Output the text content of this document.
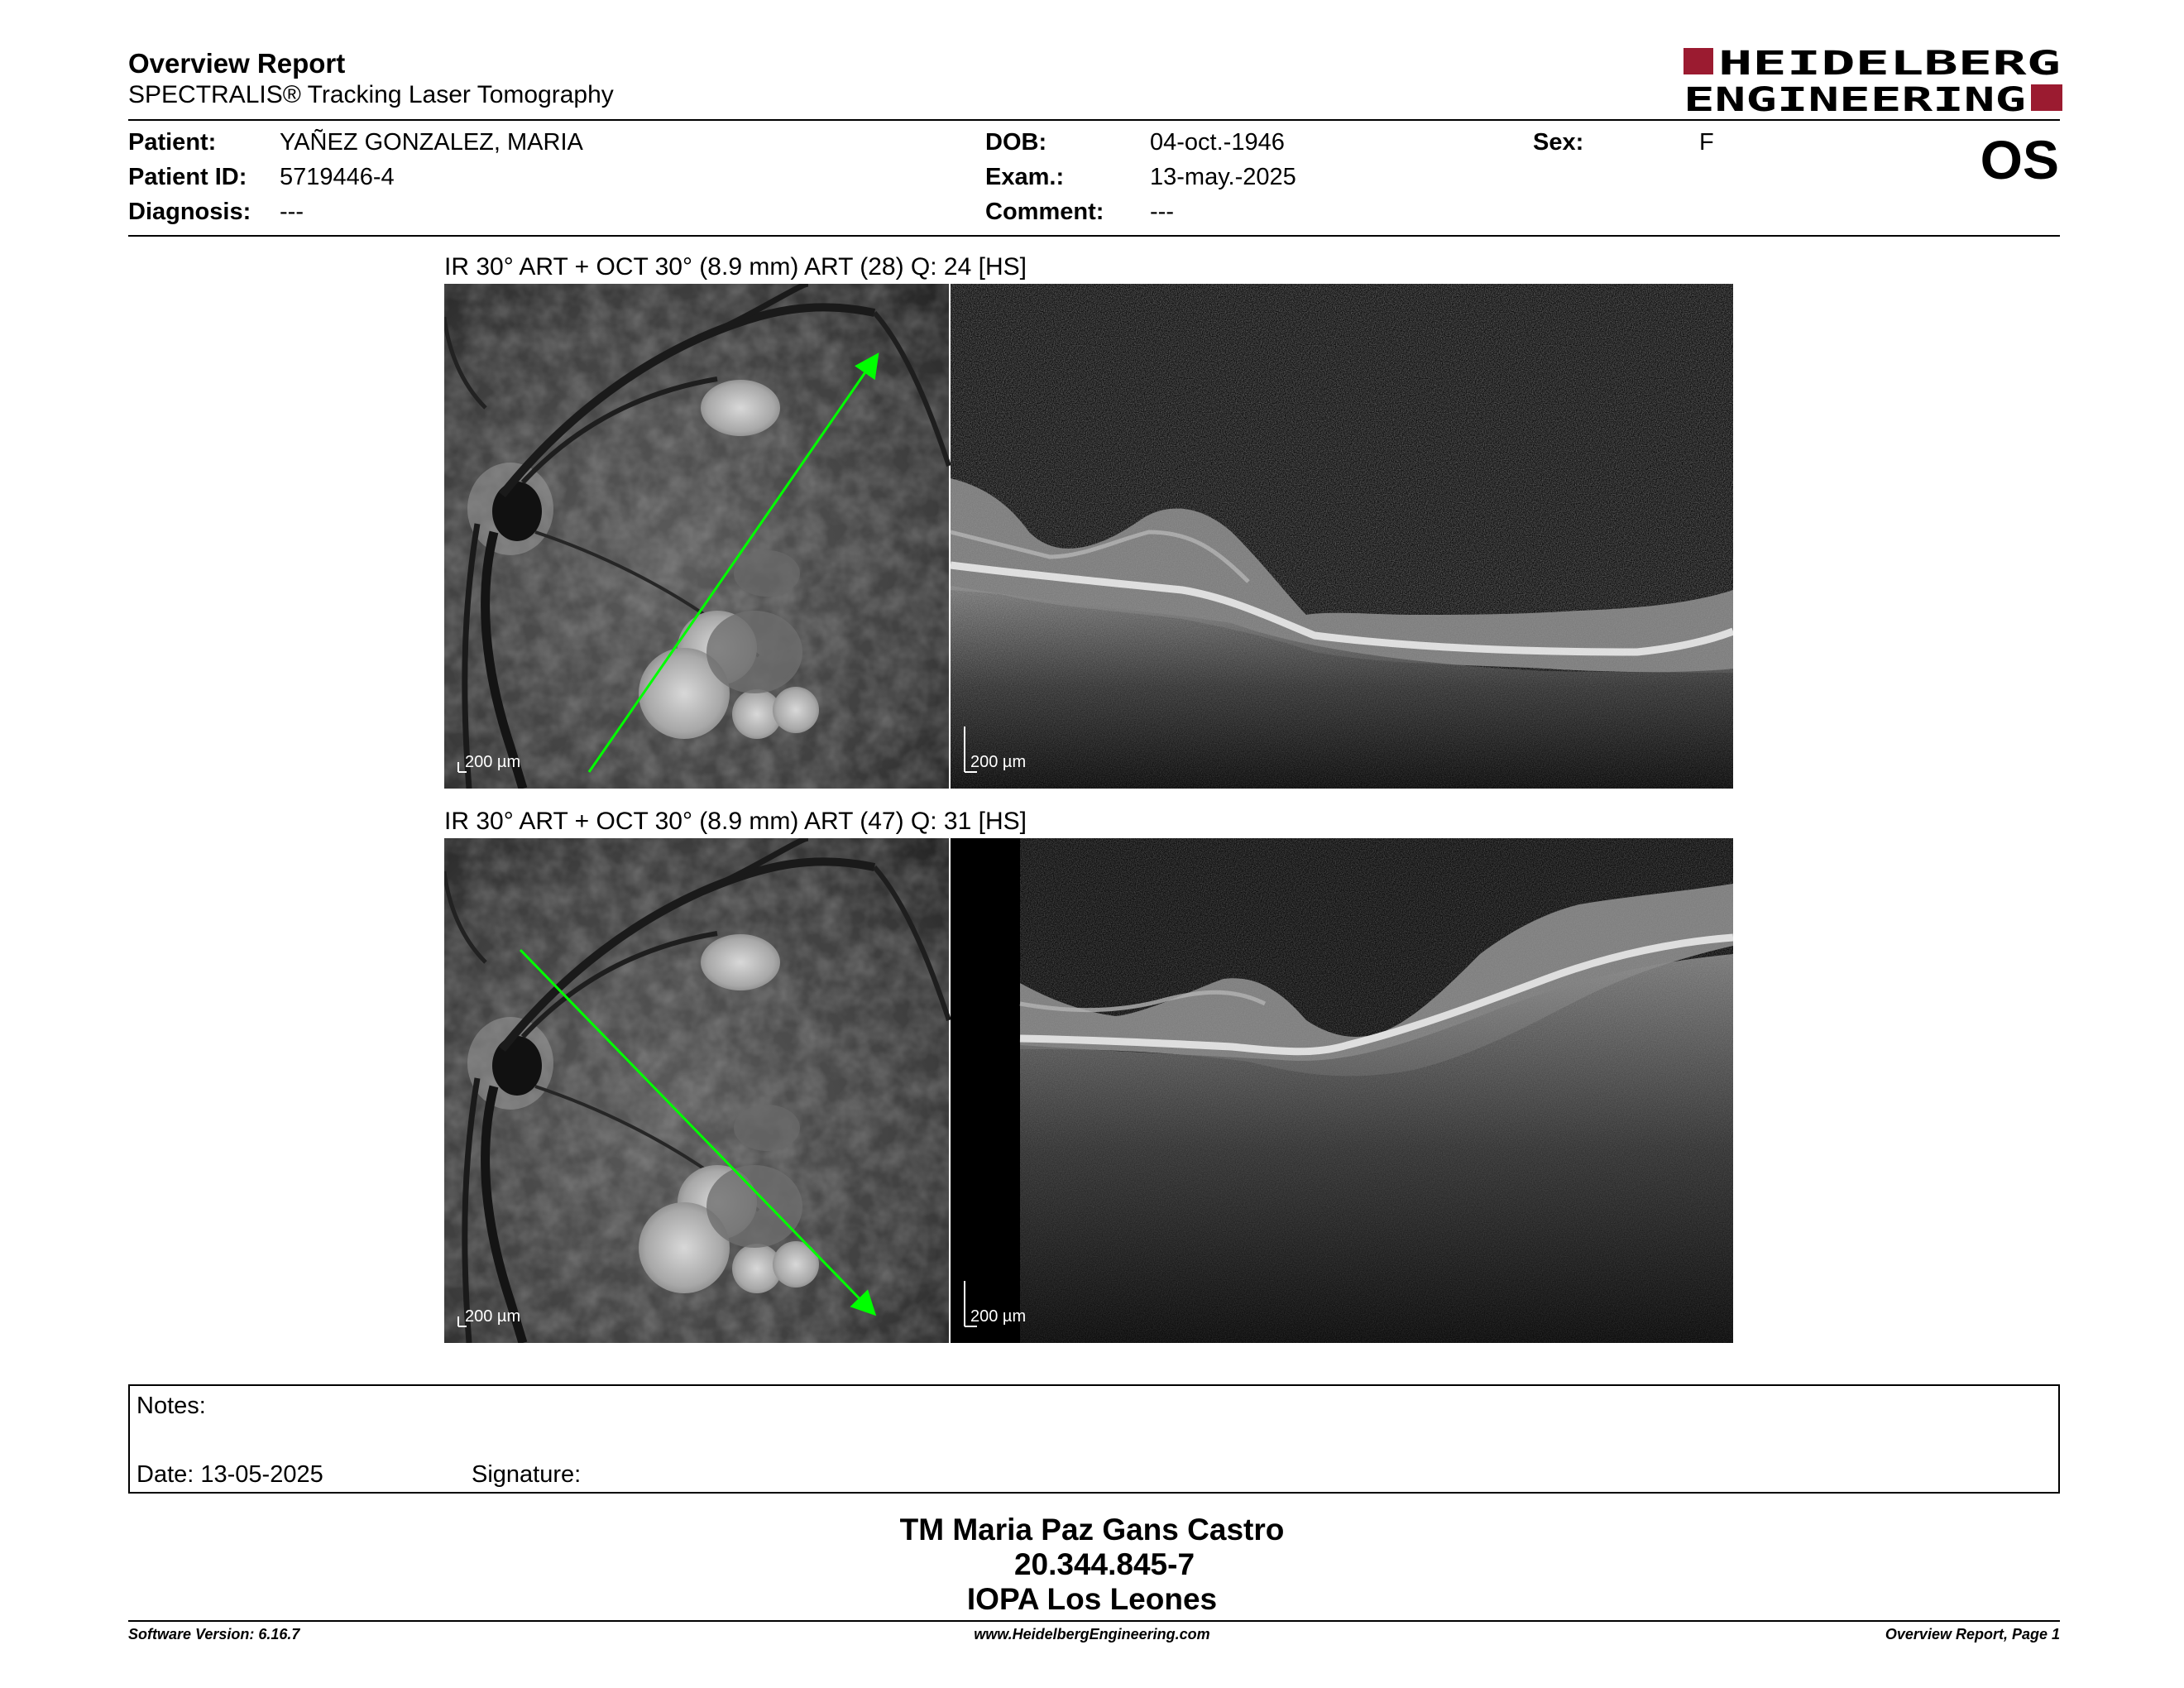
Overview Report
SPECTRALIS® Tracking Laser Tomography
HEIDELBERG
ENGINEERING
Patient:	YAÑEZ GONZALEZ, MARIA
Patient ID: 5719446-4
Diagnosis: ---
DOB:	04-oct.-1946
Exam.:	13-may.-2025
Comment: ---
Sex:	F	OS
IR 30° ART + OCT 30° (8.9 mm) ART (28) Q: 24 [HS]
200 µm	200 µm
IR 30° ART + OCT 30° (8.9 mm) ART (47) Q: 31 [HS]
200 µm	200 µm
Notes:
Date: 13-05-2025	Signature:
TM Maria Paz Gans Castro
20.344.845-7
IOPA Los Leones
Software Version: 6.16.7	www.HeidelbergEngineering.com	Overview Report, Page 1
